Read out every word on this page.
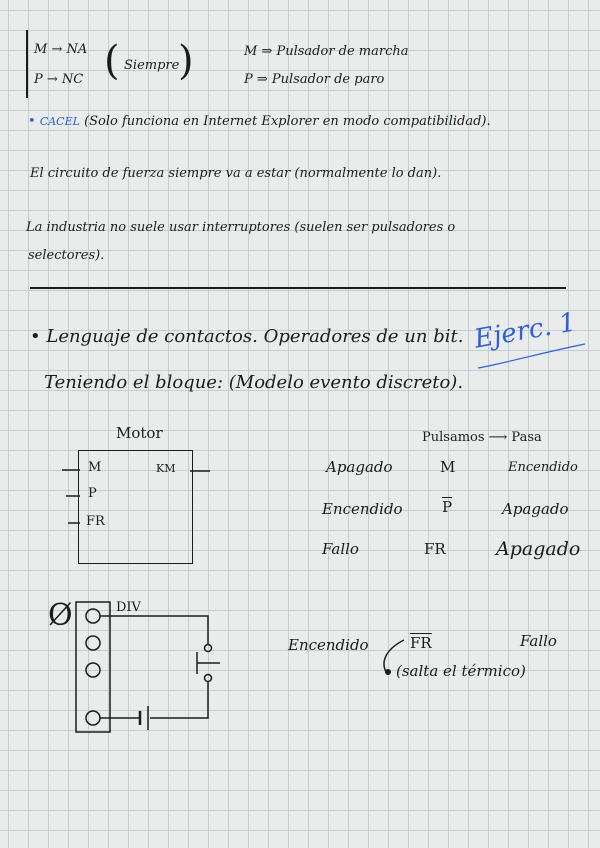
M → NA
P → NC ( Siempre
)	M ⇒ Pulsador de marcha
P ⇒ Pulsador de paro
• CACEL (Solo funciona en Internet Explorer en modo compatibilidad).
El circuito de fuerza siempre va a estar (normalmente lo dan).
La industria no suele usar interruptores (suelen ser pulsadores o
selectores).
• Lenguaje de contactos. Operadores de un bit. Ejerc. 1
Teniendo el bloque: (Modelo evento discreto).
Motor
M
P
FR
KM
Pulsamos ⟶ Pasa
Apagado	M	Encendido
Encendido	$\overline{P}$	Apagado
Fallo	FR	Apagado
Ø	DIV
Encendido	$\overline{FR}$	Fallo
(salta el térmico)
